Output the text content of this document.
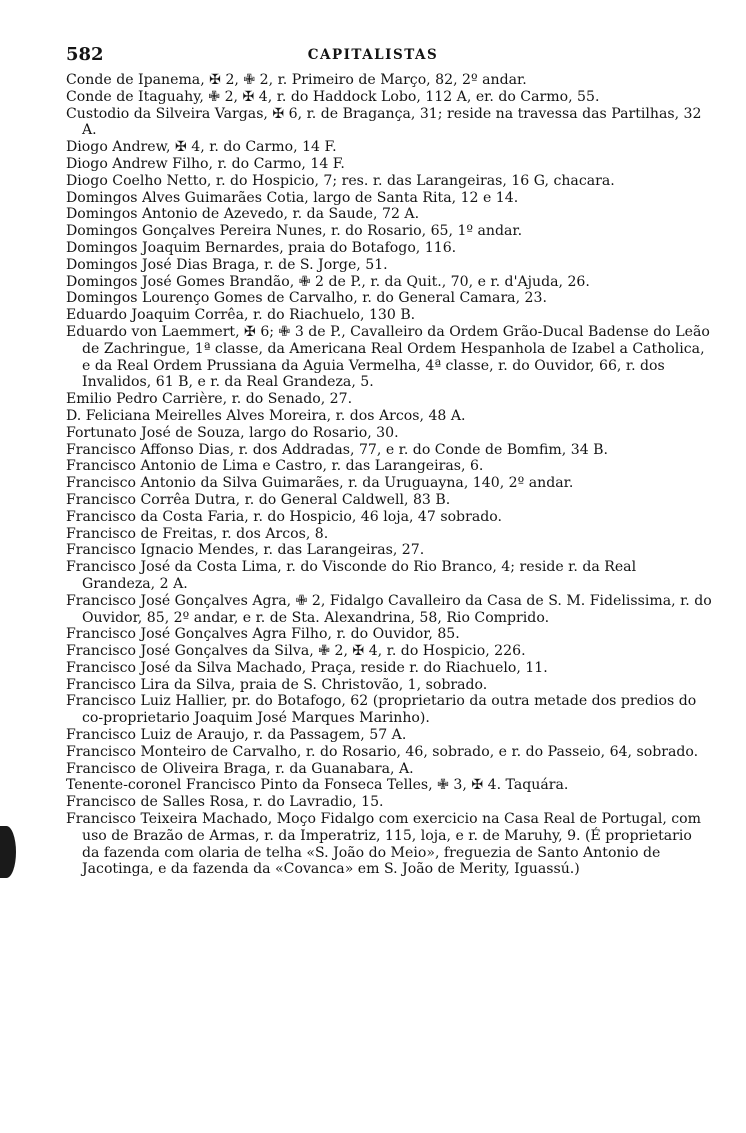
582	CAPITALISTAS

Conde de Ipanema, ✠ 2, ✙ 2, r. Primeiro de Março, 82, 2º andar.

Conde de Itaguahy, ✙ 2, ✠ 4, r. do Haddock Lobo, 112 A, er. do Carmo, 55.

Custodio da Silveira Vargas, ✠ 6, r. de Bragança, 31; reside na travessa das Partilhas, 32 A.

Diogo Andrew, ✠ 4, r. do Carmo, 14 F.

Diogo Andrew Filho, r. do Carmo, 14 F.

Diogo Coelho Netto, r. do Hospicio, 7; res. r. das Larangeiras, 16 G, chacara.

Domingos Alves Guimarães Cotia, largo de Santa Rita, 12 e 14.

Domingos Antonio de Azevedo, r. da Saude, 72 A.

Domingos Gonçalves Pereira Nunes, r. do Rosario, 65, 1º andar.

Domingos Joaquim Bernardes, praia do Botafogo, 116.

Domingos José Dias Braga, r. de S. Jorge, 51.

Domingos José Gomes Brandão, ✙ 2 de P., r. da Quit., 70, e r. d'Ajuda, 26.

Domingos Lourenço Gomes de Carvalho, r. do General Camara, 23.

Eduardo Joaquim Corrêa, r. do Riachuelo, 130 B.

Eduardo von Laemmert, ✠ 6; ✙ 3 de P., Cavalleiro da Ordem Grão-Ducal Badense do Leão de Zachringue, 1ª classe, da Americana Real Ordem Hespanhola de Izabel a Catholica, e da Real Ordem Prussiana da Aguia Vermelha, 4ª classe, r. do Ouvidor, 66, r. dos Invalidos, 61 B, e r. da Real Grandeza, 5.

Emilio Pedro Carrière, r. do Senado, 27.

D. Feliciana Meirelles Alves Moreira, r. dos Arcos, 48 A.

Fortunato José de Souza, largo do Rosario, 30.

Francisco Affonso Dias, r. dos Addradas, 77, e r. do Conde de Bomfim, 34 B.

Francisco Antonio de Lima e Castro, r. das Larangeiras, 6.

Francisco Antonio da Silva Guimarães, r. da Uruguayna, 140, 2º andar.

Francisco Corrêa Dutra, r. do General Caldwell, 83 B.

Francisco da Costa Faria, r. do Hospicio, 46 loja, 47 sobrado.

Francisco de Freitas, r. dos Arcos, 8.

Francisco Ignacio Mendes, r. das Larangeiras, 27.

Francisco José da Costa Lima, r. do Visconde do Rio Branco, 4; reside r. da Real Grandeza, 2 A.

Francisco José Gonçalves Agra, ✙ 2, Fidalgo Cavalleiro da Casa de S. M. Fidelissima, r. do Ouvidor, 85, 2º andar, e r. de Sta. Alexandrina, 58, Rio Comprido.

Francisco José Gonçalves Agra Filho, r. do Ouvidor, 85.

Francisco José Gonçalves da Silva, ✙ 2, ✠ 4, r. do Hospicio, 226.

Francisco José da Silva Machado, Praça, reside r. do Riachuelo, 11.

Francisco Lira da Silva, praia de S. Christovão, 1, sobrado.

Francisco Luiz Hallier, pr. do Botafogo, 62 (proprietario da outra metade dos predios do co-proprietario Joaquim José Marques Marinho).

Francisco Luiz de Araujo, r. da Passagem, 57 A.

Francisco Monteiro de Carvalho, r. do Rosario, 46, sobrado, e r. do Passeio, 64, sobrado.

Francisco de Oliveira Braga, r. da Guanabara, A.

Tenente-coronel Francisco Pinto da Fonseca Telles, ✙ 3, ✠ 4. Taquára.

Francisco de Salles Rosa, r. do Lavradio, 15.

Francisco Teixeira Machado, Moço Fidalgo com exercicio na Casa Real de Portugal, com uso de Brazão de Armas, r. da Imperatriz, 115, loja, e r. de Maruhy, 9. (É proprietario da fazenda com olaria de telha «S. João do Meio», freguezia de Santo Antonio de Jacotinga, e da fazenda da «Covanca» em S. João de Merity, Iguassú.)
